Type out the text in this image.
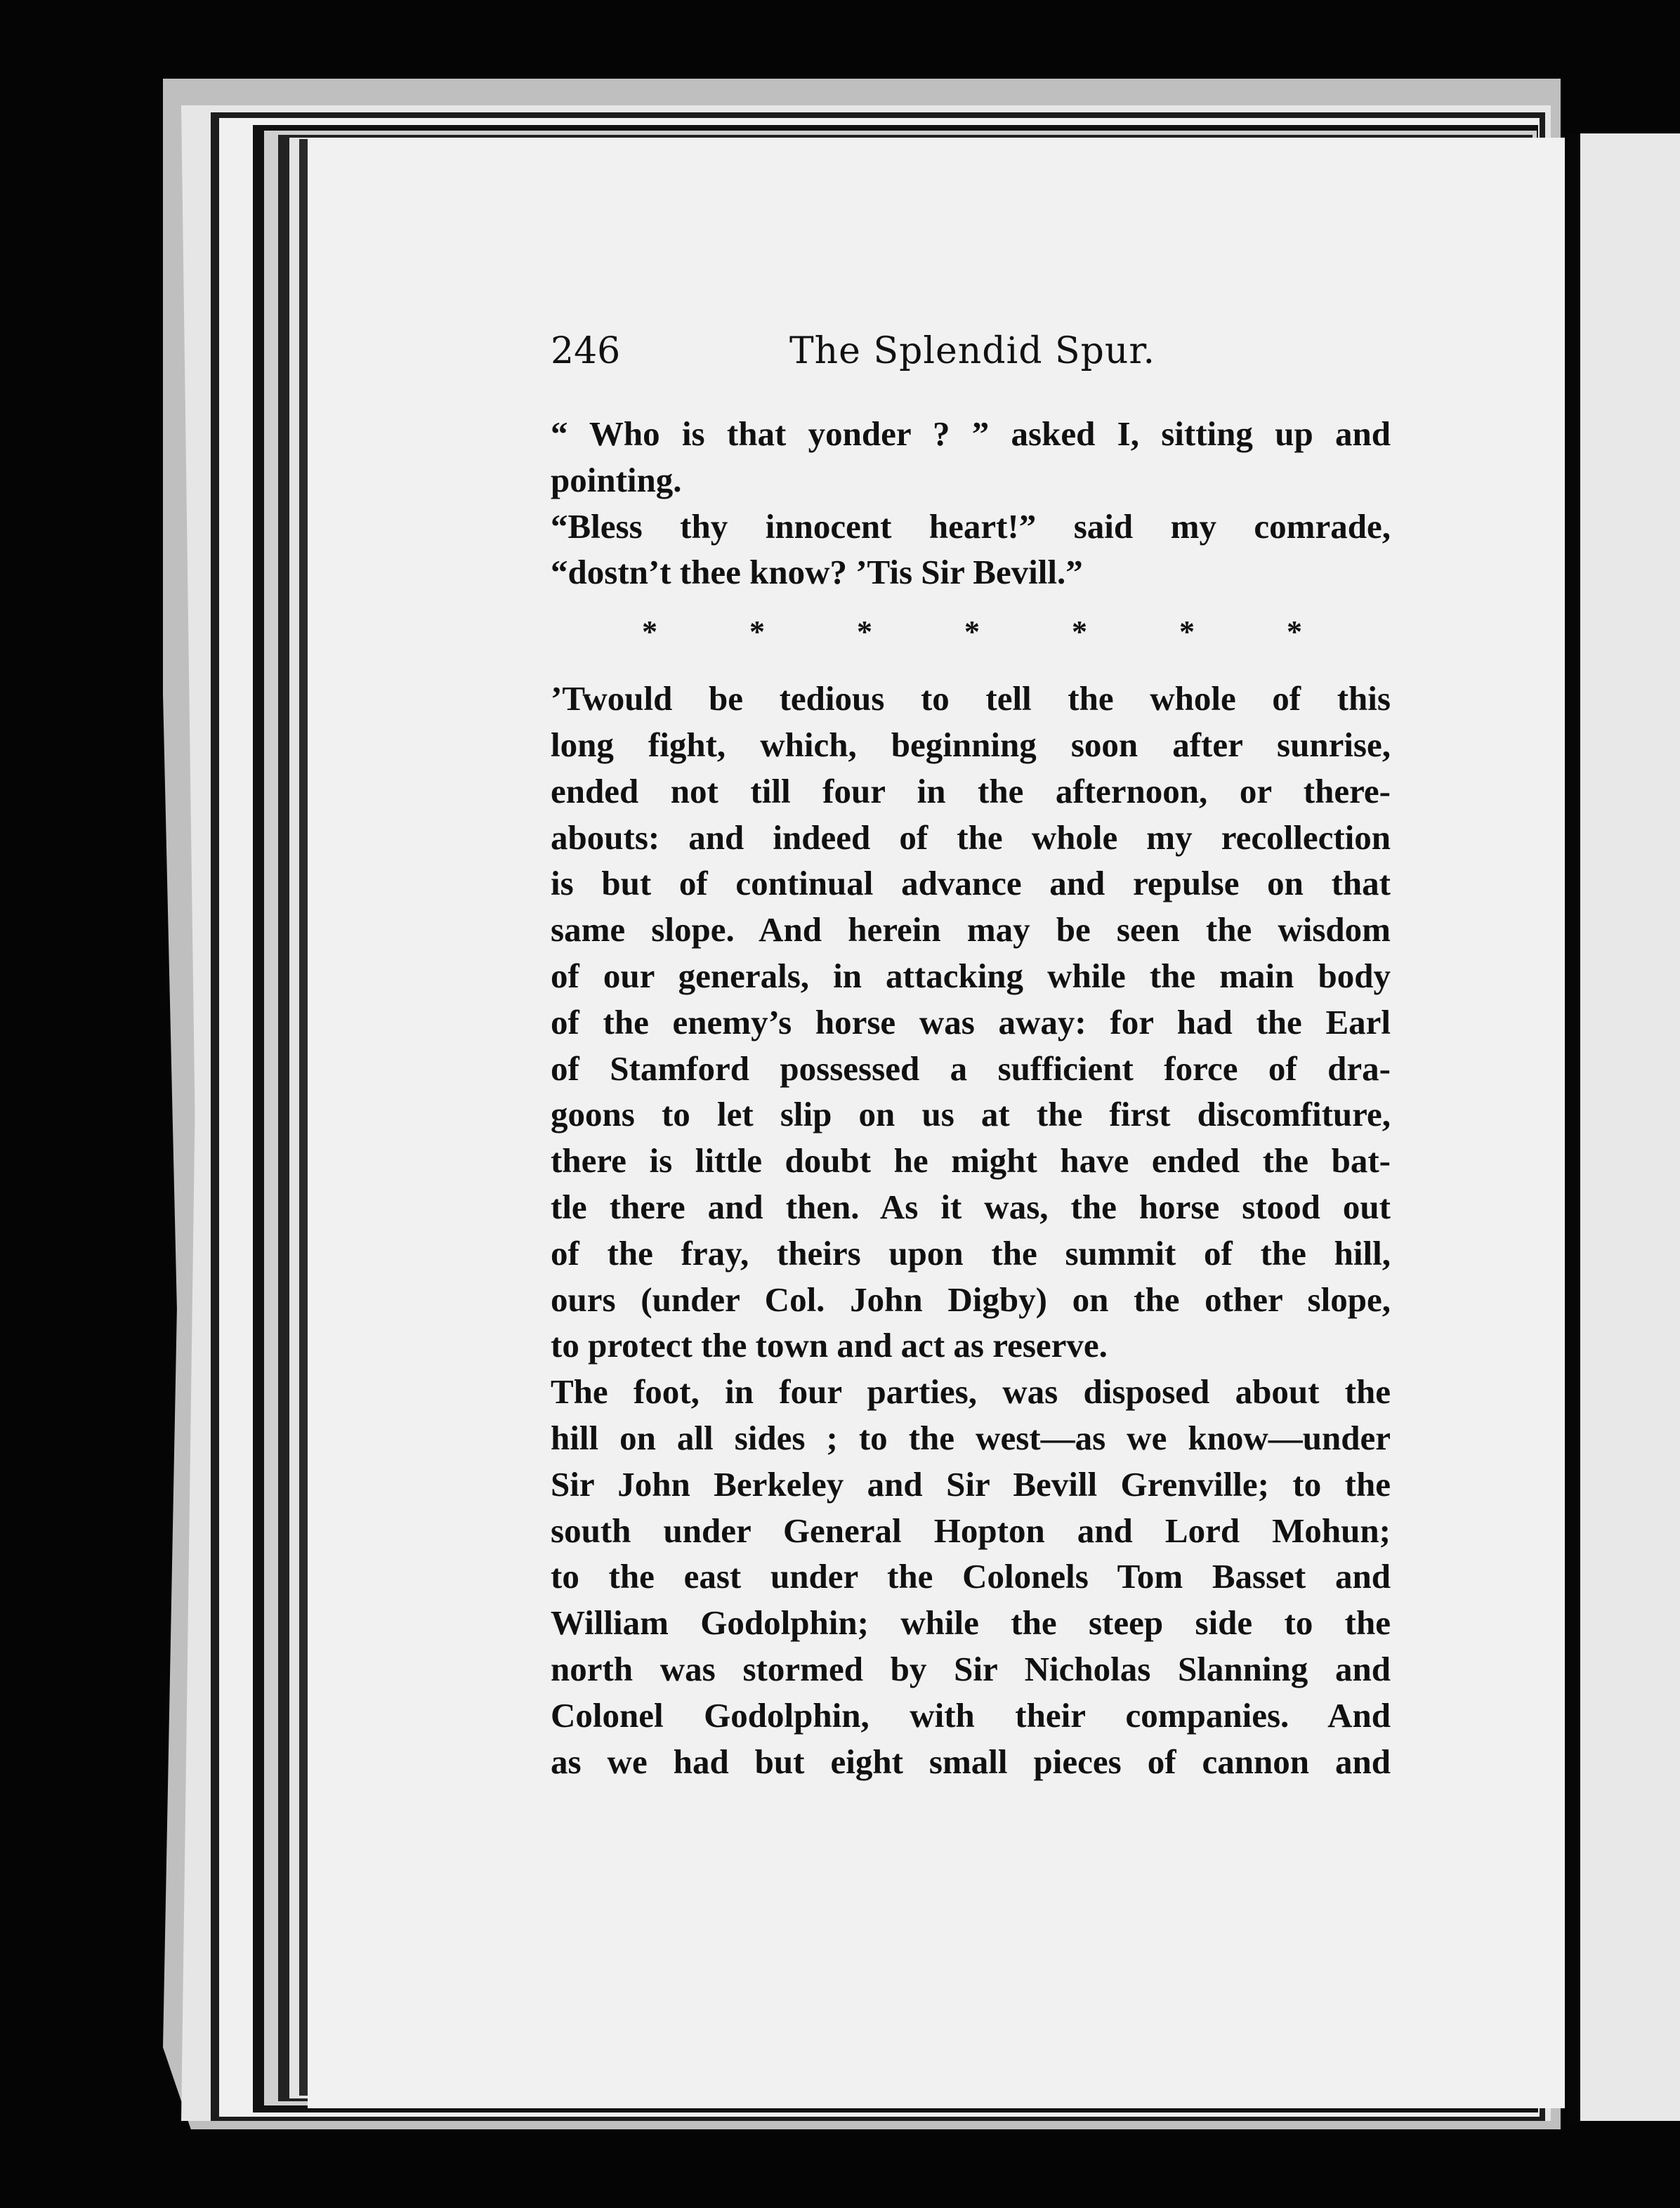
246	The Splendid Spur.
“ Who is that yonder ? ” asked I, sitting up and
pointing.
“Bless thy innocent heart!” said my comrade,
“dostn’t thee know? ’Tis Sir Bevill.”
*	*	*	*	*	*	*
’Twould be tedious to tell the whole of this
long fight, which, beginning soon after sunrise,
ended not till four in the afternoon, or there-
abouts: and indeed of the whole my recollection
is but of continual advance and repulse on that
same slope. And herein may be seen the wisdom
of our generals, in attacking while the main body
of the enemy’s horse was away: for had the Earl
of Stamford possessed a sufficient force of dra-
goons to let slip on us at the first discomfiture,
there is little doubt he might have ended the bat-
tle there and then. As it was, the horse stood out
of the fray, theirs upon the summit of the hill,
ours (under Col. John Digby) on the other slope,
to protect the town and act as reserve.
The foot, in four parties, was disposed about the
hill on all sides ; to the west—as we know—under
Sir John Berkeley and Sir Bevill Grenville; to the
south under General Hopton and Lord Mohun;
to the east under the Colonels Tom Basset and
William Godolphin; while the steep side to the
north was stormed by Sir Nicholas Slanning and
Colonel Godolphin, with their companies. And
as we had but eight small pieces of cannon and
